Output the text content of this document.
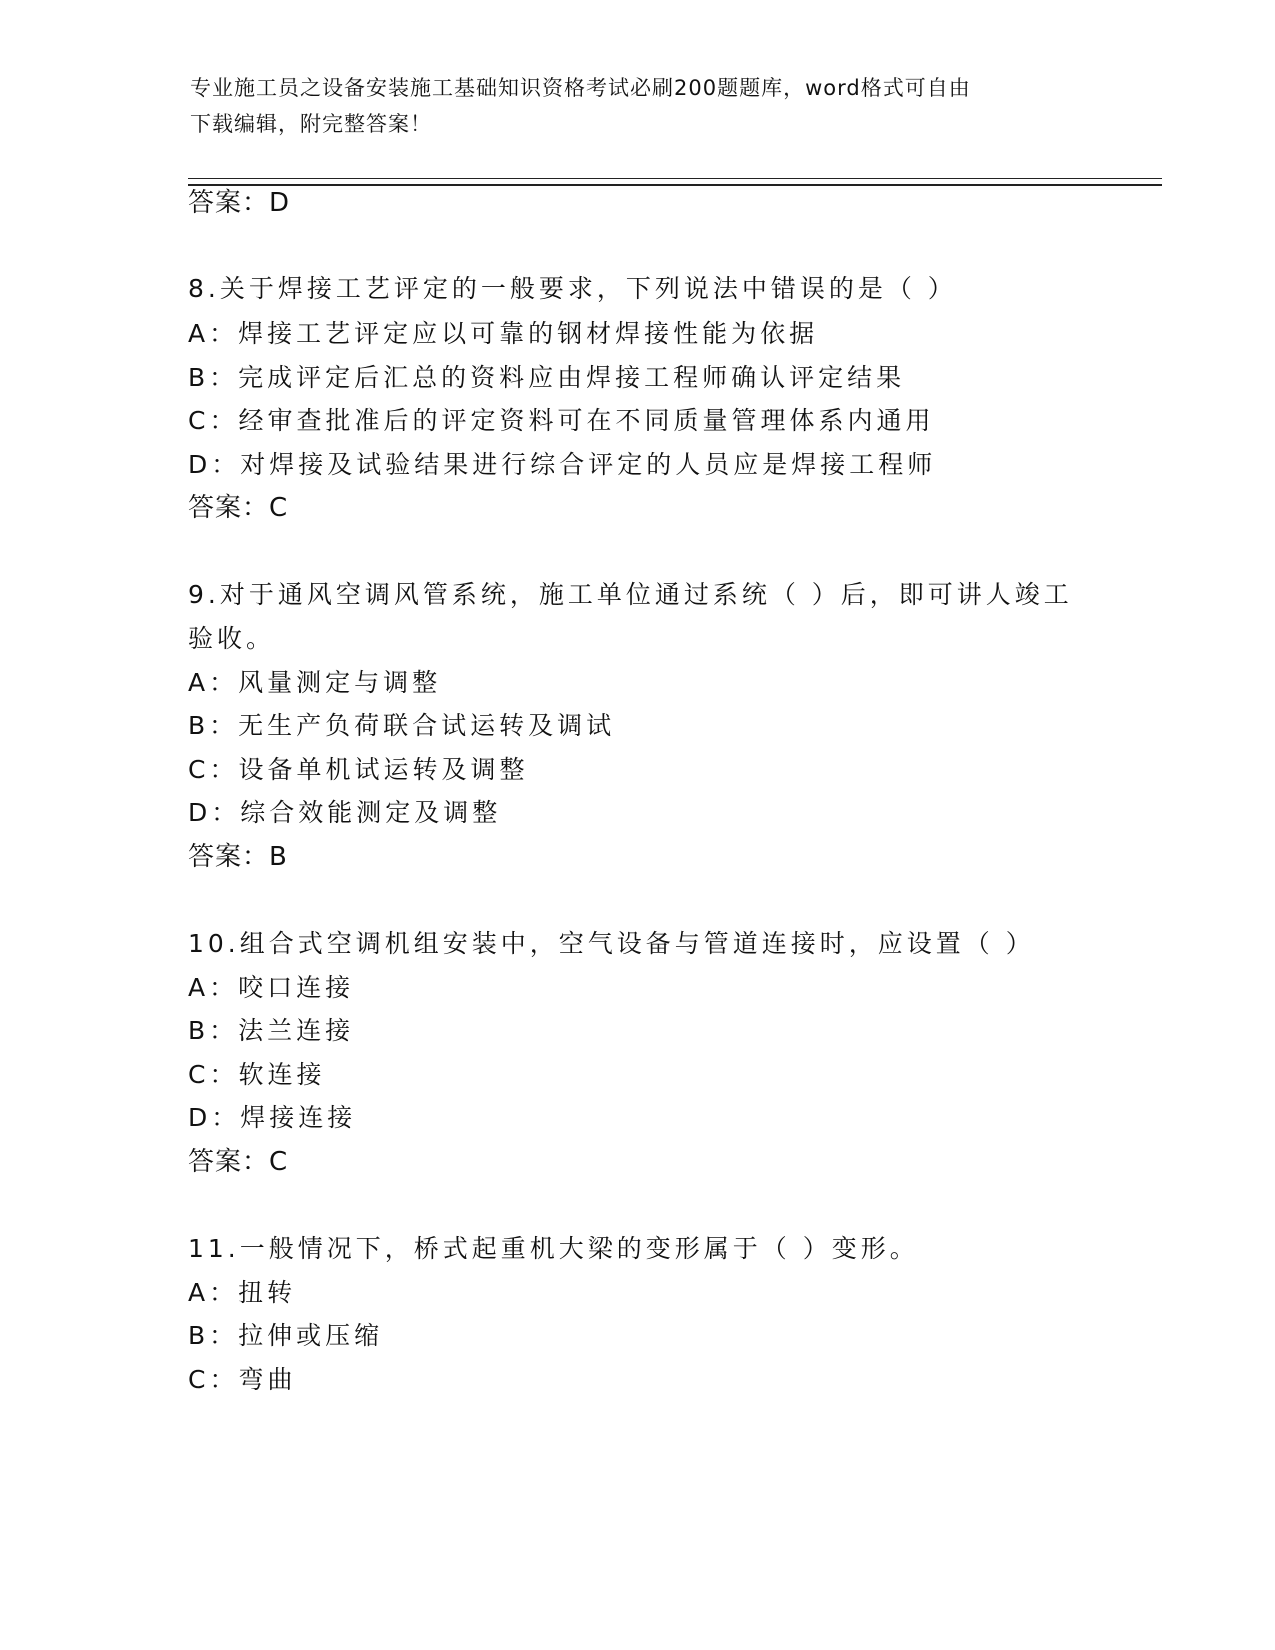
专业施工员之设备安装施工基础知识资格考试必刷200题题库，word格式可自由
下载编辑，附完整答案！
答案：D
8.关于焊接工艺评定的一般要求，下列说法中错误的是（ ）
A：焊接工艺评定应以可靠的钢材焊接性能为依据
B：完成评定后汇总的资料应由焊接工程师确认评定结果
C：经审查批准后的评定资料可在不同质量管理体系内通用
D：对焊接及试验结果进行综合评定的人员应是焊接工程师
答案：C
9.对于通风空调风管系统，施工单位通过系统（ ）后，即可讲人竣工
验收。
A：风量测定与调整
B：无生产负荷联合试运转及调试
C：设备单机试运转及调整
D：综合效能测定及调整
答案：B
10.组合式空调机组安装中，空气设备与管道连接时，应设置（ ）
A：咬口连接
B：法兰连接
C：软连接
D：焊接连接
答案：C
11.一般情况下，桥式起重机大梁的变形属于（ ）变形。
A：扭转
B：拉伸或压缩
C：弯曲
